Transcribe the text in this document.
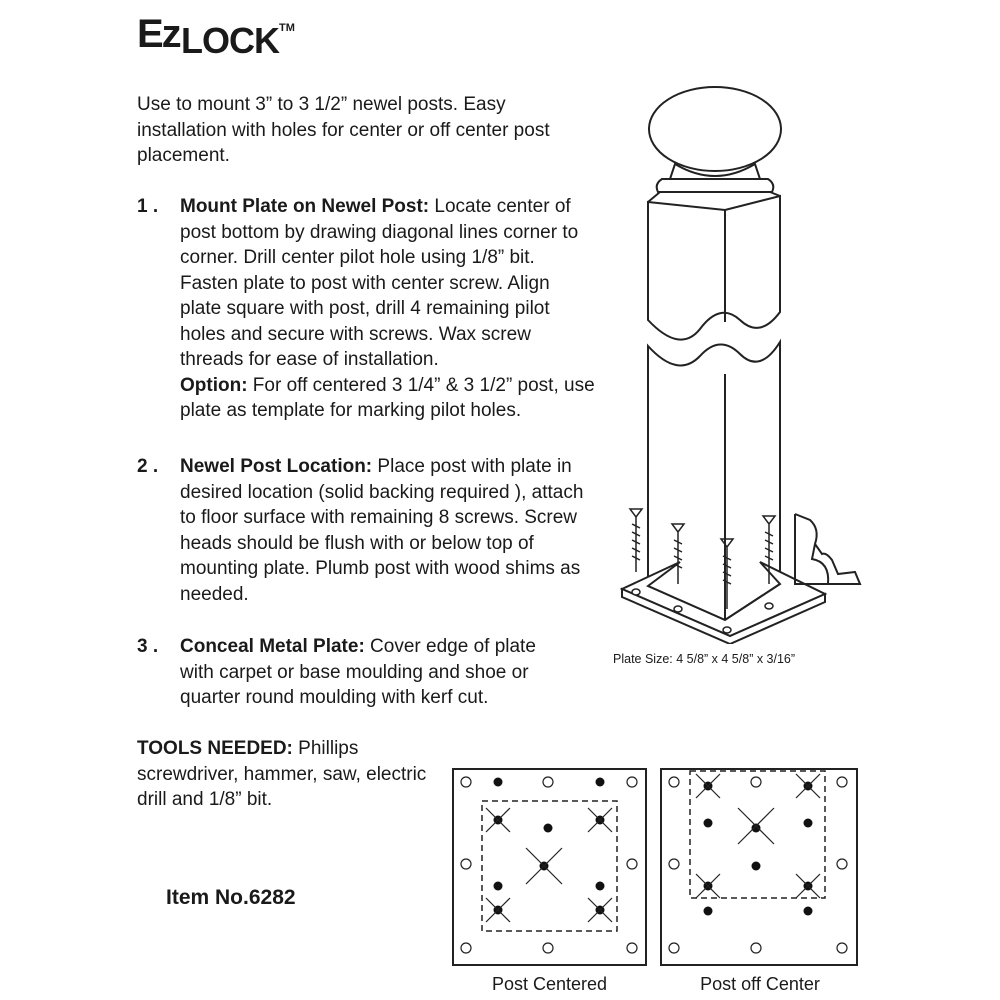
Ez LOCK TM
Use to mount 3” to 3 1/2” newel posts. Easy installation with holes for center or off center post placement.
1 .	Mount Plate on Newel Post: Locate center of post bottom by drawing diagonal lines corner to corner. Drill center pilot hole using 1/8” bit. Fasten plate to post with center screw. Align plate square with post, drill 4 remaining pilot holes and secure with screws. Wax screw threads for ease of installation.
Option: For off centered 3 1/4” & 3 1/2” post, use plate as template for marking pilot holes.
2 .	Newel Post Location: Place post with plate in desired location (solid backing required ), attach to floor surface with remaining 8 screws. Screw heads should be flush with or below top of mounting plate. Plumb post with wood shims as needed.
3 .	Conceal Metal Plate: Cover edge of plate with carpet or base moulding and shoe or quarter round moulding with kerf cut.
TOOLS NEEDED: Phillips screwdriver, hammer, saw, electric drill and 1/8” bit.
Item No.6282
Plate Size: 4 5/8” x 4 5/8” x 3/16”
Post Centered	Post off Center
